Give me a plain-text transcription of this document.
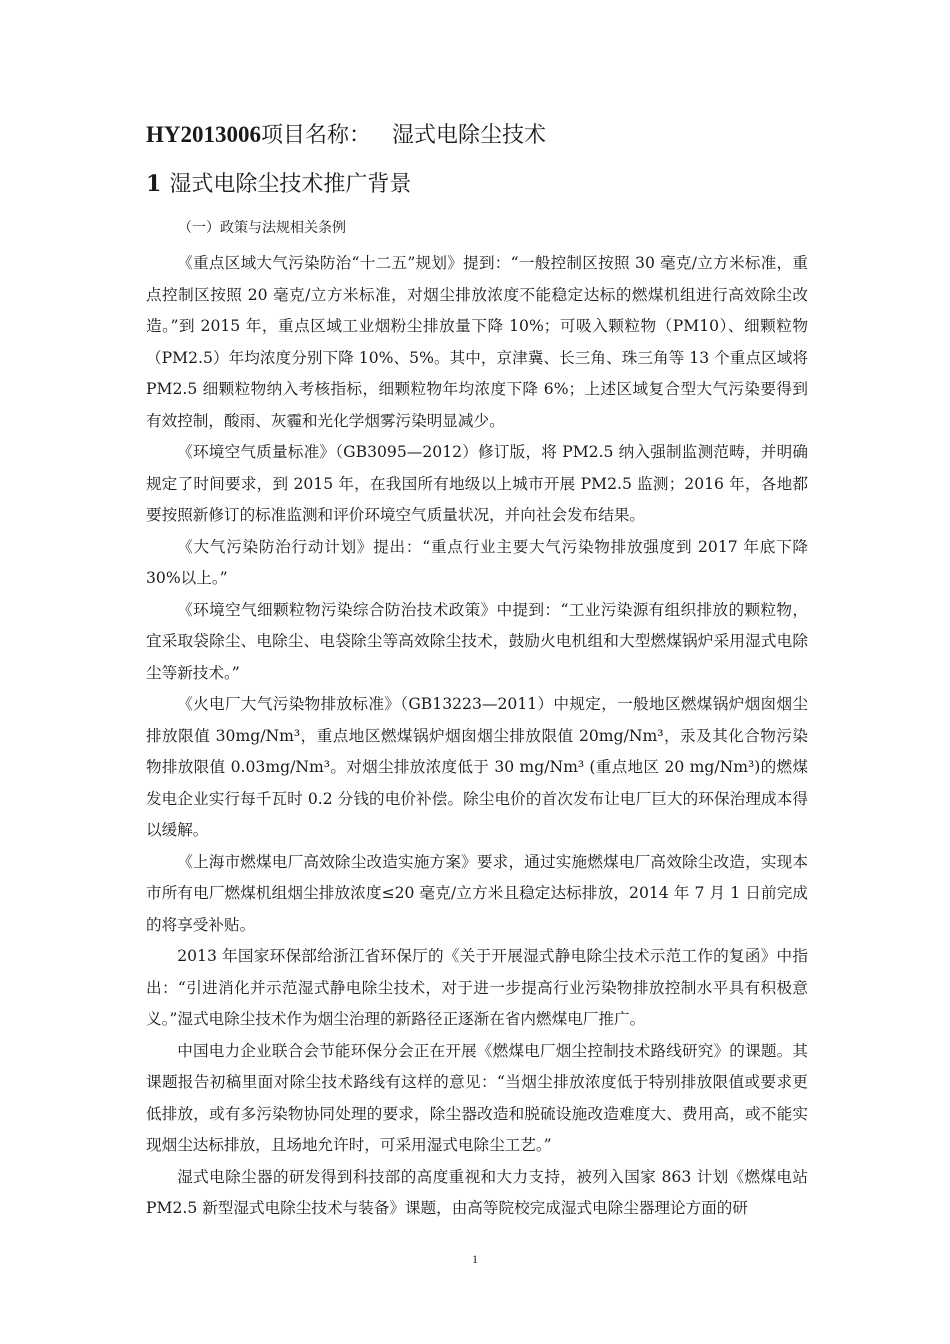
HY2013006项目名称： 湿式电除尘技术
1 湿式电除尘技术推广背景
（一）政策与法规相关条例

《重点区域大气污染防治“十二五”规划》提到：“一般控制区按照 30 毫克/立方米标准，重点控制区按照 20 毫克/立方米标准，对烟尘排放浓度不能稳定达标的燃煤机组进行高效除尘改造。”到 2015 年，重点区域工业烟粉尘排放量下降 10%；可吸入颗粒物（PM10）、细颗粒物（PM2.5）年均浓度分别下降 10%、5%。其中，京津冀、长三角、珠三角等 13 个重点区域将 PM2.5 细颗粒物纳入考核指标，细颗粒物年均浓度下降 6%；上述区域复合型大气污染要得到有效控制，酸雨、灰霾和光化学烟雾污染明显减少。

《环境空气质量标准》（GB3095—2012）修订版，将 PM2.5 纳入强制监测范畴，并明确规定了时间要求，到 2015 年，在我国所有地级以上城市开展 PM2.5 监测；2016 年，各地都要按照新修订的标准监测和评价环境空气质量状况，并向社会发布结果。

《大气污染防治行动计划》提出：“重点行业主要大气污染物排放强度到 2017 年底下降 30%以上。”

《环境空气细颗粒物污染综合防治技术政策》中提到：“工业污染源有组织排放的颗粒物，宜采取袋除尘、电除尘、电袋除尘等高效除尘技术，鼓励火电机组和大型燃煤锅炉采用湿式电除尘等新技术。”

《火电厂大气污染物排放标准》（GB13223—2011）中规定，一般地区燃煤锅炉烟囱烟尘排放限值 30mg/Nm³，重点地区燃煤锅炉烟囱烟尘排放限值 20mg/Nm³，汞及其化合物污染物排放限值 0.03mg/Nm³。对烟尘排放浓度低于 30 mg/Nm³ (重点地区 20 mg/Nm³)的燃煤发电企业实行每千瓦时 0.2 分钱的电价补偿。除尘电价的首次发布让电厂巨大的环保治理成本得以缓解。

《上海市燃煤电厂高效除尘改造实施方案》要求，通过实施燃煤电厂高效除尘改造，实现本市所有电厂燃煤机组烟尘排放浓度≤20 毫克/立方米且稳定达标排放，2014 年 7 月 1 日前完成的将享受补贴。

2013 年国家环保部给浙江省环保厅的《关于开展湿式静电除尘技术示范工作的复函》中指出：“引进消化并示范湿式静电除尘技术，对于进一步提高行业污染物排放控制水平具有积极意义。”湿式电除尘技术作为烟尘治理的新路径正逐渐在省内燃煤电厂推广。

中国电力企业联合会节能环保分会正在开展《燃煤电厂烟尘控制技术路线研究》的课题。其课题报告初稿里面对除尘技术路线有这样的意见：“当烟尘排放浓度低于特别排放限值或要求更低排放，或有多污染物协同处理的要求，除尘器改造和脱硫设施改造难度大、费用高，或不能实现烟尘达标排放，且场地允许时，可采用湿式电除尘工艺。”

湿式电除尘器的研发得到科技部的高度重视和大力支持，被列入国家 863 计划《燃煤电站 PM2.5 新型湿式电除尘技术与装备》课题，由高等院校完成湿式电除尘器理论方面的研

1
